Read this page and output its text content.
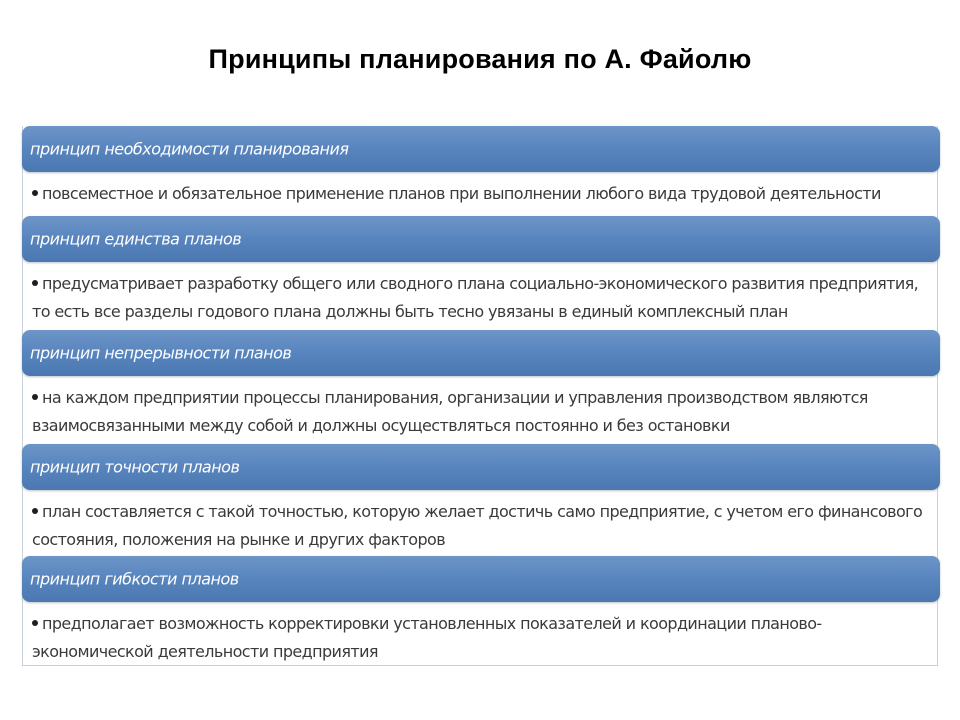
Принципы планирования по А. Файолю
принцип необходимости планирования
повсеместное и обязательное применение планов при выполнении любого вида трудовой деятельности
принцип единства планов
предусматривает разработку общего или сводного плана социально-экономического развития предприятия, то есть все разделы годового плана должны быть тесно увязаны в единый комплексный план
принцип непрерывности планов
на каждом предприятии процессы планирования, организации и управления производством являются взаимосвязанными между собой и должны осуществляться постоянно и без остановки
принцип точности планов
план составляется с такой точностью, которую желает достичь само предприятие, с учетом его финансового состояния, положения на рынке и других факторов
принцип гибкости планов
предполагает возможность корректировки установленных показателей и координации планово-экономической деятельности предприятия
